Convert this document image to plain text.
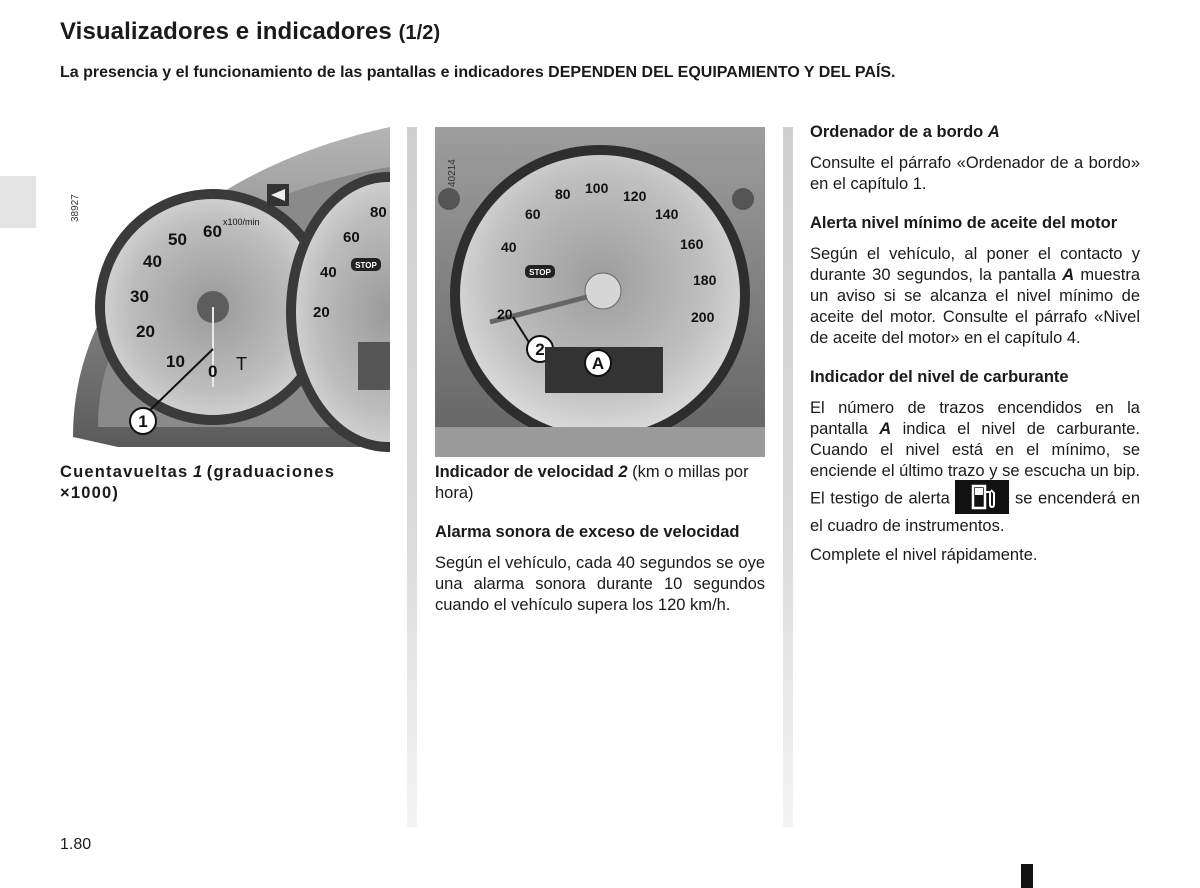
Visualizadores e indicadores (1/2)
La presencia y el funcionamiento de las pantallas e indicadores DEPENDEN DEL EQUIPAMIENTO Y DEL PAÍS.
1
0
10
20
30
40
50 60 x100/min
T
20
40
60
80
STOP
38927
2
A
20
40
60
80 100 120
140
160
180
200
STOP
40214
Cuentavueltas 1 (graduaciones ×1000)

Indicador de velocidad 2 (km o millas por hora)

Alarma sonora de exceso de velocidad

Según el vehículo, cada 40 segundos se oye una alarma sonora durante 10 segundos cuando el vehículo supera los 120 km/h.

Ordenador de a bordo A

Consulte el párrafo «Ordenador de a bordo» en el capítulo 1.

Alerta nivel mínimo de aceite del motor

Según el vehículo, al poner el contacto y durante 30 segundos, la pantalla A muestra un aviso si se alcanza el nivel mínimo de aceite del motor. Consulte el párrafo «Nivel de aceite del motor» en el capítulo 4.

Indicador del nivel de carburante

El número de trazos encendidos en la pantalla A indica el nivel de carburante. Cuando el nivel está en el mínimo, se enciende el último trazo y se escucha un bip. El testigo de alerta	se encenderá en el cuadro de instrumentos.

Complete el nivel rápidamente.

1.80
